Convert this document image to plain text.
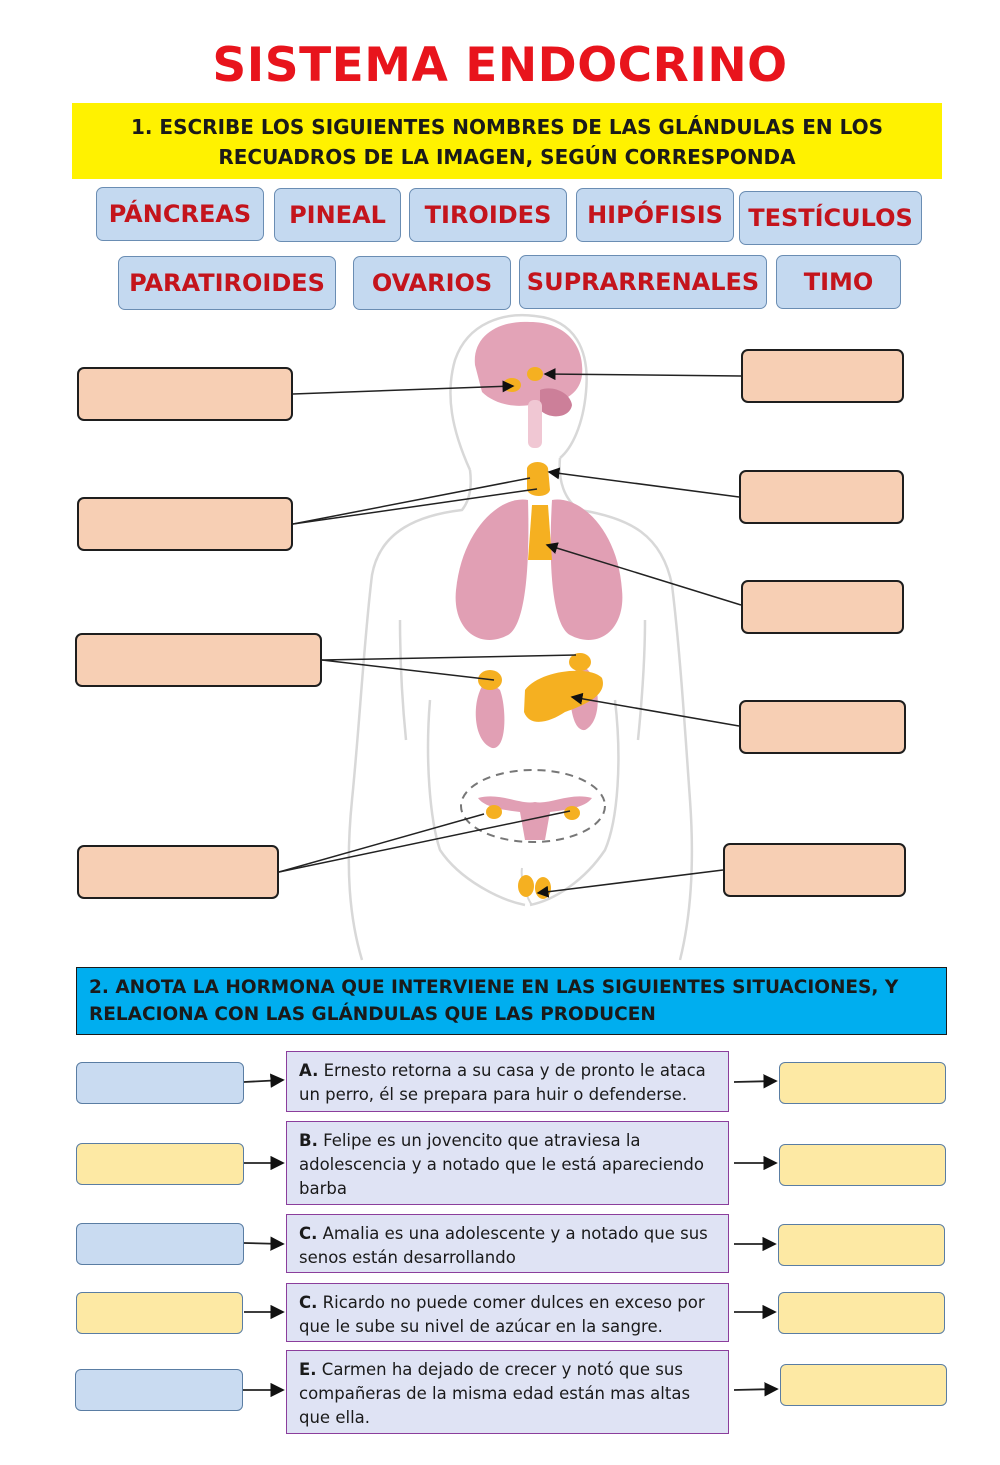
SISTEMA ENDOCRINO
1. ESCRIBE LOS SIGUIENTES NOMBRES DE LAS GLÁNDULAS EN LOS RECUADROS DE LA IMAGEN, SEGÚN CORRESPONDA
PÁNCREAS	PINEAL	TIROIDES	HIPÓFISIS	TESTÍCULOS
PARATIROIDES	OVARIOS	SUPRARRENALES	TIMO
2. ANOTA LA HORMONA QUE INTERVIENE EN LAS SIGUIENTES SITUACIONES, Y RELACIONA CON LAS GLÁNDULAS QUE LAS PRODUCEN
A. Ernesto retorna a su casa y de pronto le ataca un perro, él se prepara para huir o defenderse.
B. Felipe es un jovencito que atraviesa la adolescencia y a notado que le está apareciendo barba
C. Amalia es una adolescente y a notado que sus senos están desarrollando
C. Ricardo no puede comer dulces en exceso por que le sube su nivel de azúcar en la sangre.
E. Carmen ha dejado de crecer y notó que sus compañeras de la misma edad están mas altas que ella.
